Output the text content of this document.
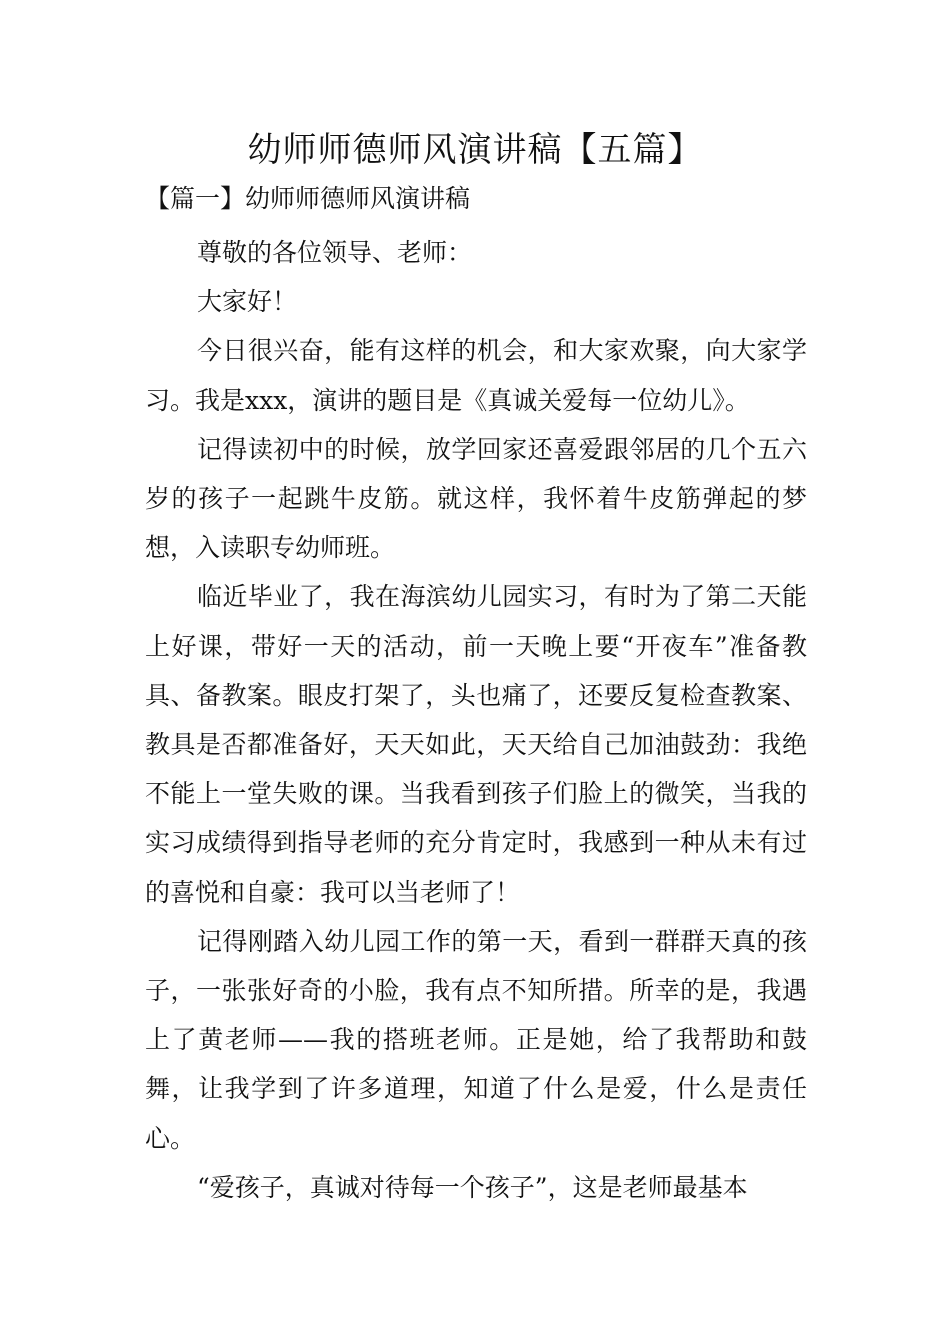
幼师师德师风演讲稿【五篇】
【篇一】幼师师德师风演讲稿

尊敬的各位领导、老师：

大家好！

今日很兴奋，能有这样的机会，和大家欢聚，向大家学习。我是xxx，演讲的题目是《真诚关爱每一位幼儿》。

记得读初中的时候，放学回家还喜爱跟邻居的几个五六岁的孩子一起跳牛皮筋。就这样，我怀着牛皮筋弹起的梦想，入读职专幼师班。

临近毕业了，我在海滨幼儿园实习，有时为了第二天能上好课，带好一天的活动，前一天晚上要“开夜车”准备教具、备教案。眼皮打架了，头也痛了，还要反复检查教案、教具是否都准备好，天天如此，天天给自己加油鼓劲：我绝不能上一堂失败的课。当我看到孩子们脸上的微笑，当我的实习成绩得到指导老师的充分肯定时，我感到一种从未有过的喜悦和自豪：我可以当老师了！

记得刚踏入幼儿园工作的第一天，看到一群群天真的孩子，一张张好奇的小脸，我有点不知所措。所幸的是，我遇上了黄老师——我的搭班老师。正是她，给了我帮助和鼓舞，让我学到了许多道理，知道了什么是爱，什么是责任心。

“爱孩子，真诚对待每一个孩子”，这是老师最基本
